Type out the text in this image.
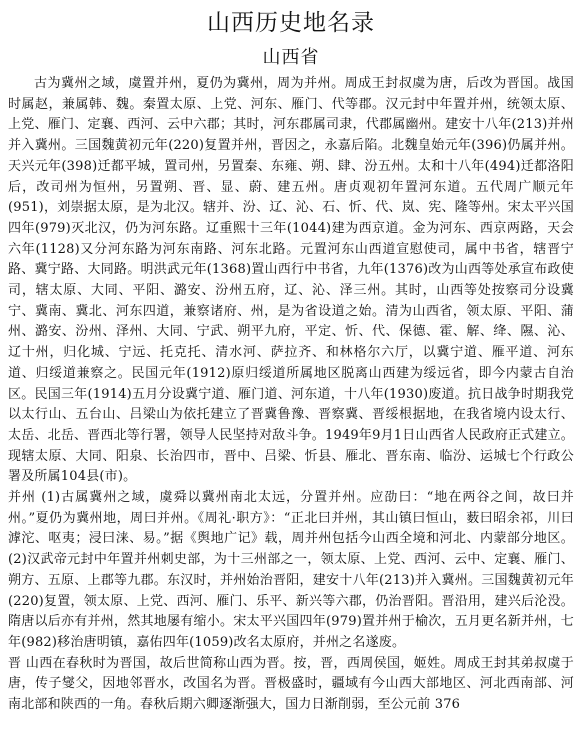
山西历史地名录
山西省

古为冀州之域，虞置并州，夏仍为冀州，周为并州。周成王封叔虞为唐，后改为晋国。战国时属赵，兼属韩、魏。秦置太原、上党、河东、雁门、代等郡。汉元封中年置并州，统领太原、上党、雁门、定襄、西河、云中六郡；其时，河东郡属司隶，代郡属幽州。建安十八年(213)并州并入冀州。三国魏黄初元年(220)复置并州，晋因之，永嘉后陷。北魏皇始元年(396)仍属并州。天兴元年(398)迁都平城，置司州，另置秦、东雍、朔、肆、汾五州。太和十八年(494)迁都洛阳后，改司州为恒州，另置朔、晋、显、蔚、建五州。唐贞观初年置河东道。五代周广顺元年(951)，刘崇据太原，是为北汉。辖并、汾、辽、沁、石、忻、代、岚、宪、隆等州。宋太平兴国四年(979)灭北汉，仍为河东路。辽重熙十三年(1044)建为西京道。金为河东、西京两路，天会六年(1128)又分河东路为河东南路、河东北路。元置河东山西道宣慰使司，属中书省，辖晋宁路、冀宁路、大同路。明洪武元年(1368)置山西行中书省，九年(1376)改为山西等处承宣布政使司，辖太原、大同、平阳、潞安、汾州五府，辽、沁、泽三州。其时，山西等处按察司分设冀宁、冀南、冀北、河东四道，兼察诸府、州，是为省设道之始。清为山西省，领太原、平阳、蒲州、潞安、汾州、泽州、大同、宁武、朔平九府，平定、忻、代、保德、霍、解、绛、隰、沁、辽十州，归化城、宁远、托克托、清水河、萨拉齐、和林格尔六厅，以冀宁道、雁平道、河东道、归绥道兼察之。民国元年(1912)原归绥道所属地区脱离山西建为绥远省，即今内蒙古自治区。民国三年(1914)五月分设冀宁道、雁门道、河东道，十八年(1930)废道。抗日战争时期我党以太行山、五台山、吕梁山为依托建立了晋冀鲁豫、晋察冀、晋绥根据地，在我省境内设太行、太岳、北岳、晋西北等行署，领导人民坚持对敌斗争。1949年9月1日山西省人民政府正式建立。现辖太原、大同、阳泉、长治四市，晋中、吕梁、忻县、雁北、晋东南、临汾、运城七个行政公署及所属104县(市)。

并州 (1)古属冀州之域，虞舜以冀州南北太远，分置并州。应劭曰：“地在两谷之间，故曰并州。”夏仍为冀州地，周曰并州。《周礼·职方》：“正北曰并州，其山镇曰恒山，薮曰昭余祁，川曰滹沱、呕夷；浸曰涞、易。”据《舆地广记》载，周并州包括今山西全境和河北、内蒙部分地区。 (2)汉武帝元封中年置并州刺史部，为十三州部之一，领太原、上党、西河、云中、定襄、雁门、朔方、五原、上郡等九郡。东汉时，并州始治晋阳，建安十八年(213)并入冀州。三国魏黄初元年(220)复置，领太原、上党、西河、雁门、乐平、新兴等六郡，仍治晋阳。晋沿用，建兴后沦没。隋唐以后亦有并州，然其地屡有缩小。宋太平兴国四年(979)置并州于榆次，五月更名新并州，七年(982)移治唐明镇，嘉佑四年(1059)改名太原府，并州之名遂废。

晋 山西在春秋时为晋国，故后世简称山西为晋。按，晋，西周侯国，姬姓。周成王封其弟叔虞于唐，传子燮父，因地邻晋水，改国名为晋。晋极盛时，疆域有今山西大部地区、河北西南部、河南北部和陕西的一角。春秋后期六卿逐渐强大，国力日渐削弱，至公元前 376
